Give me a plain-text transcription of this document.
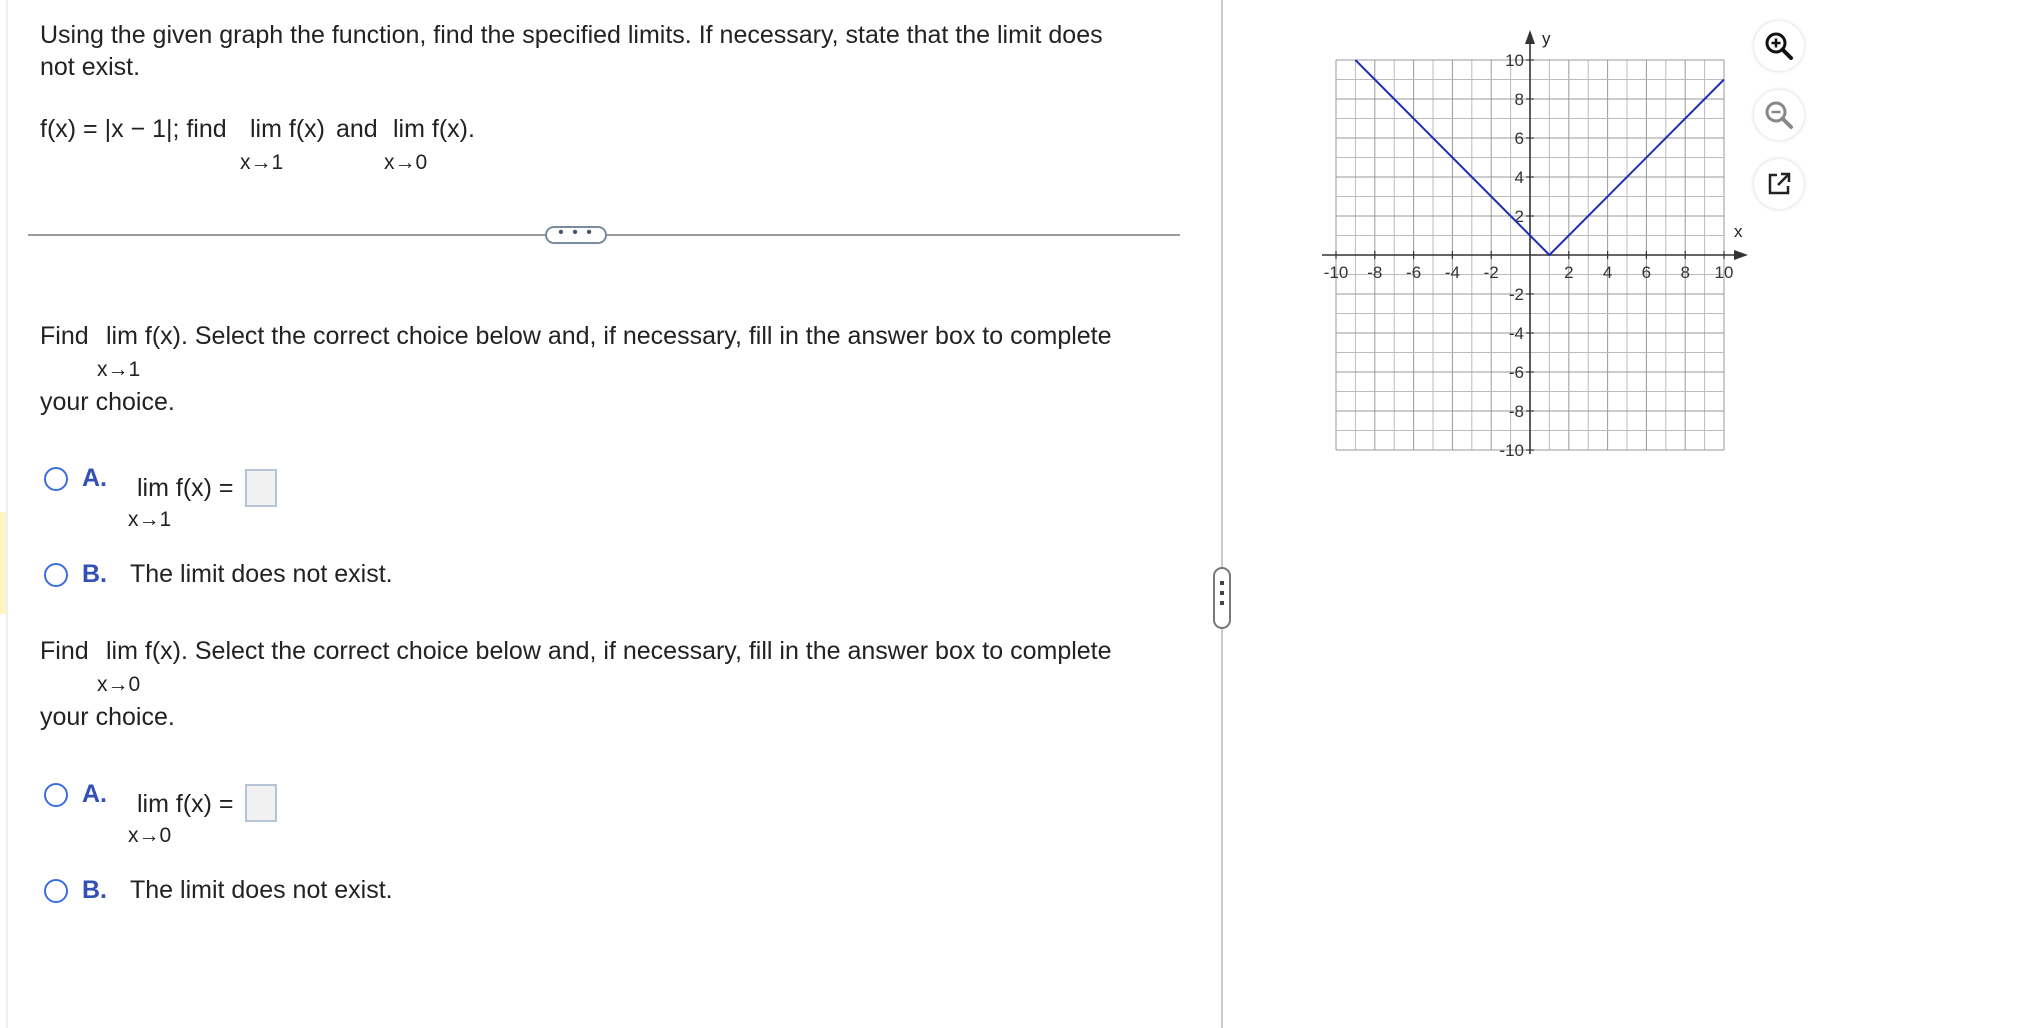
Using the given graph the function, find the specified limits. If necessary, state that the limit does
not exist.
f(x) = |x − 1|; find lim f(x)
x→1
and lim f(x).
x→0
• • •
Find lim f(x). Select the correct choice below and, if necessary, fill in the answer box to complete
x→1
your choice.
A. lim f(x) =
x→1
B. The limit does not exist.
Find lim f(x). Select the correct choice below and, if necessary, fill in the answer box to complete
x→0
your choice.
A. lim f(x) =
x→0
B. The limit does not exist.
-10 -8 -6 -4 -2	2 4 6 8 10
10
8
6
4
2
-2
-4
-6
-8
-10
x
y
